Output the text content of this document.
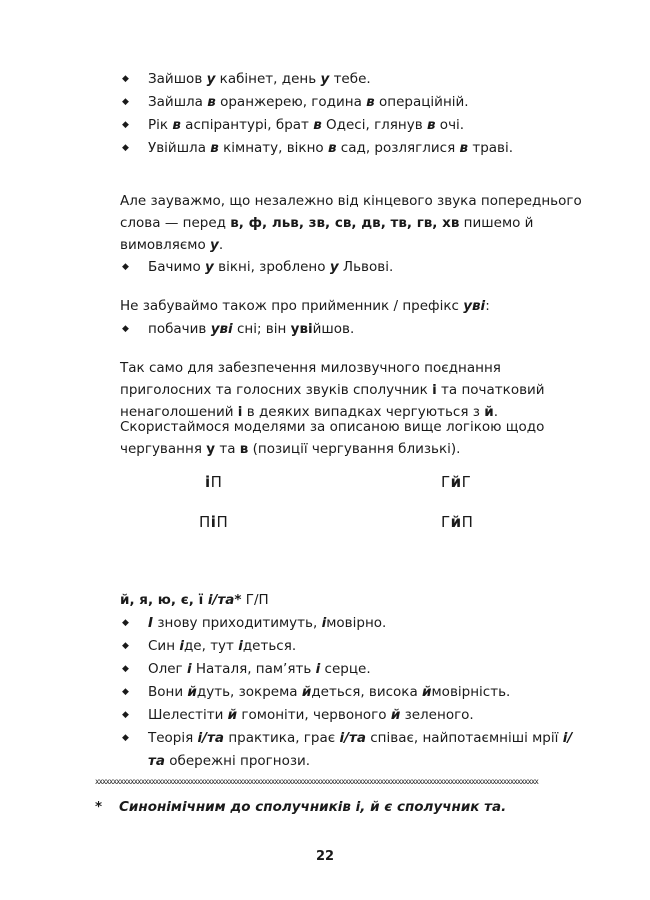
◆ Зайшов у кабінет, день у тебе.
◆ Зайшла в оранжерею, година в операційній.
◆ Рік в аспірантурі, брат в Одесі, глянув в очі.
◆ Увійшла в кімнату, вікно в сад, розляглися в траві.

Але зауважмо, що незалежно від кінцевого звука попереднього слова — перед в, ф, льв, зв, св, дв, тв, гв, хв пишемо й вимовляємо у.

◆ Бачимо у вікні, зроблено у Львові.

Не забуваймо також про прийменник / префікс уві:

◆ побачив уві сні; він увійшов.

Так само для забезпечення милозвучного поєднання приголосних та голосних звуків сполучник і та початковий ненаголошений і в деяких випадках чергуються з й.

Скористаймося моделями за описаною вище логікою щодо чергування у та в (позиції чергування близькі).

іП	ГйГ
ПіП	ГйП

й, я, ю, є, ї і/та* Г/П

◆ І знову приходитимуть, імовірно.
◆ Син іде, тут ідеться.
◆ Олег і Наталя, пам’ять і серце.
◆ Вони йдуть, зокрема йдеться, висока ймовірність.
◆ Шелестіти й гомоніти, червоного й зеленого.
◆ Теорія і/та практика, грає і/та співає, найпотаємніші мрії і/та обережні прогнози.
xxxxxxxxxxxxxxxxxxxxxxxxxxxxxxxxxxxxxxxxxxxxxxxxxxxxxxxxxxxxxxxxxxxxxxxxxxxxxxxxxxxxxxxxxxxxxxxxxxxxxxxxxxxxxxxxxxxxxxxxxxxxxx
* Синонімічним до сполучників і, й є сполучник та.
22
